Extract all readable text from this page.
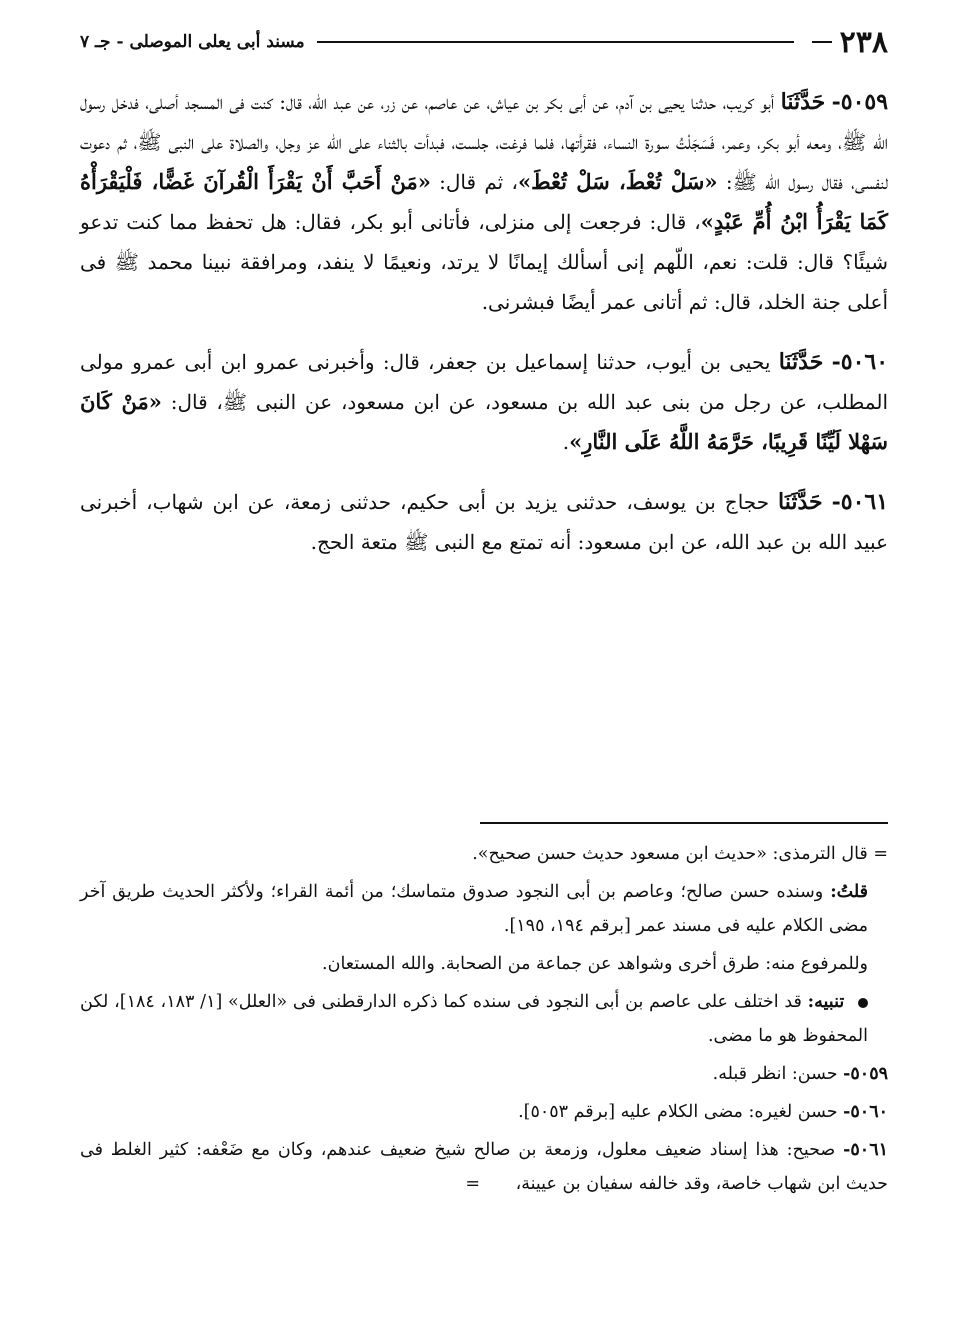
٢٣٨
مسند أبى يعلى الموصلى - جـ ٧

٥٠٥٩- حَدَّثَنَا أبو كريب، حدثنا يحيى بن آدم، عن أبى بكر بن عياش، عن عاصم، عن زر، عن عبد الله، قال: كنت فى المسجد أصلى، فدخل رسول الله ﷺ، ومعه أبو بكر، وعمر، فَسَجَلْتُ سورة النساء، فقرأتها، فلما فرغت، جلست، فبدأت بالثناء على الله عز وجل، والصلاة على النبى ﷺ، ثم دعوت لنفسى، فقال رسول الله ﷺ: «سَلْ تُعْطَ، سَلْ تُعْطَ»، ثم قال: «مَنْ أَحَبَّ أَنْ يَقْرَأَ الْقُرآنَ غَضًّا، فَلْيَقْرَأْهُ كَمَا يَقْرَأُ ابْنُ أُمِّ عَبْدٍ»، قال: فرجعت إلى منزلى، فأتانى أبو بكر، فقال: هل تحفظ مما كنت تدعو شيئًا؟ قال: قلت: نعم، اللّهم إنى أسألك إيمانًا لا يرتد، ونعيمًا لا ينفد، ومرافقة نبينا محمد ﷺ فى أعلى جنة الخلد، قال: ثم أتانى عمر أيضًا فبشرنى.

٥٠٦٠- حَدَّثَنَا يحيى بن أيوب، حدثنا إسماعيل بن جعفر، قال: وأخبرنى عمرو ابن أبى عمرو مولى المطلب، عن رجل من بنى عبد الله بن مسعود، عن ابن مسعود، عن النبى ﷺ، قال: «مَنْ كَانَ سَهْلا لَيِّنًا قَرِيبًا، حَرَّمَهُ اللَّهُ عَلَى النَّارِ».

٥٠٦١- حَدَّثَنَا حجاج بن يوسف، حدثنى يزيد بن أبى حكيم، حدثنى زمعة، عن ابن شهاب، أخبرنى عبيد الله بن عبد الله، عن ابن مسعود: أنه تمتع مع النبى ﷺ متعة الحج.

= قال الترمذى: «حديث ابن مسعود حديث حسن صحيح».

قلتُ: وسنده حسن صالح؛ وعاصم بن أبى النجود صدوق متماسك؛ من أئمة القراء؛ ولأكثر الحديث طريق آخر مضى الكلام عليه فى مسند عمر [برقم ١٩٤، ١٩٥].

وللمرفوع منه: طرق أخرى وشواهد عن جماعة من الصحابة. والله المستعان.

تنبيه: قد اختلف على عاصم بن أبى النجود فى سنده كما ذكره الدارقطنى فى «العلل» [١/ ١٨٣، ١٨٤]، لكن المحفوظ هو ما مضى.

٥٠٥٩- حسن: انظر قبله.

٥٠٦٠- حسن لغيره: مضى الكلام عليه [برقم ٥٠٥٣].

٥٠٦١- صحيح: هذا إسناد ضعيف معلول، وزمعة بن صالح شيخ ضعيف عندهم، وكان مع ضَعْفه: كثير الغلط فى حديث ابن شهاب خاصة، وقد خالفه سفيان بن عيينة، =
